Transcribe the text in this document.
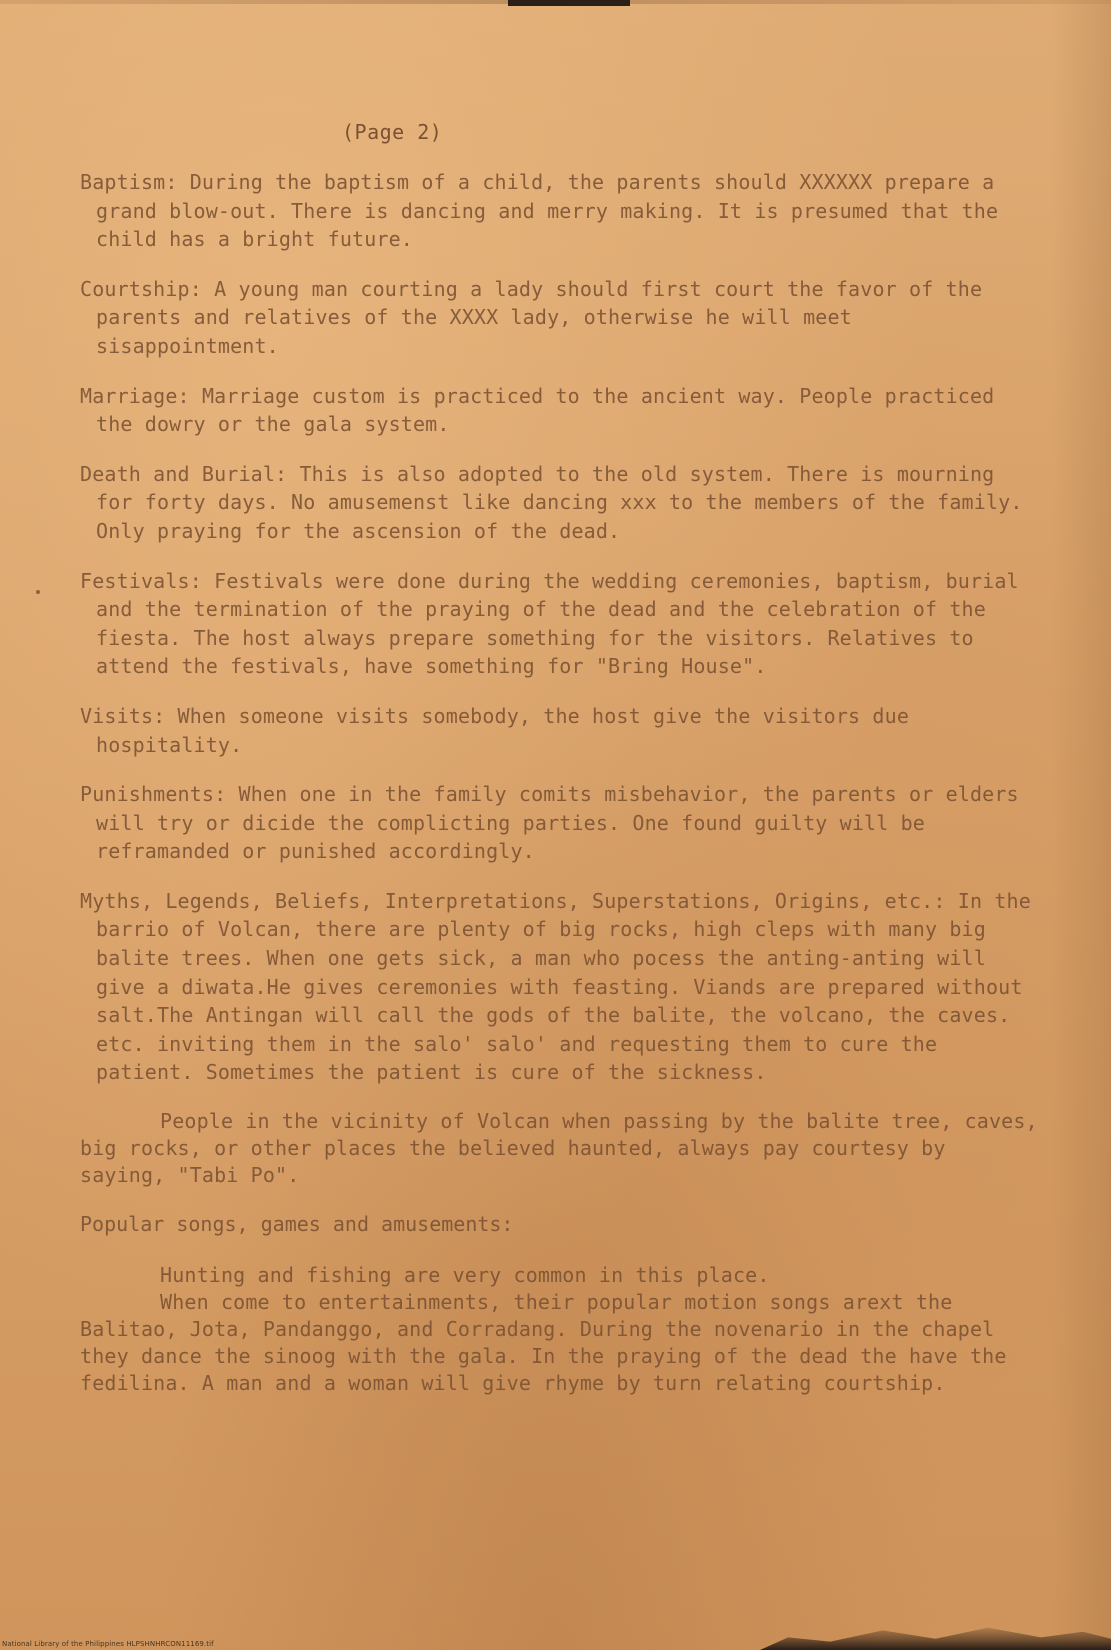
(Page 2)
Baptism: During the baptism of a child, the parents should XXXXXX prepare a grand blow-out. There is dancing and merry making. It is presumed that the child has a bright future.
Courtship: A young man courting a lady should first court the favor of the parents and relatives of the XXXX lady, otherwise he will meet sisappointment.
Marriage: Marriage custom is practiced to the ancient way. People practiced the dowry or the gala system.
Death and Burial: This is also adopted to the old system. There is mourning for forty days. No amusemenst like dancing xxx to the members of the family. Only praying for the ascension of the dead.
Festivals: Festivals were done during the wedding ceremonies, baptism, burial and the termination of the praying of the dead and the celebration of the fiesta. The host always prepare something for the visitors. Relatives to attend the festivals, have something for "Bring House".
Visits: When someone visits somebody, the host give the visitors due hospitality.
Punishments: When one in the family comits misbehavior, the parents or elders will try or dicide the complicting parties. One found guilty will be reframanded or punished accordingly.
Myths, Legends, Beliefs, Interpretations, Superstations, Origins, etc.: In the barrio of Volcan, there are plenty of big rocks, high cleps with many big balite trees. When one gets sick, a man who pocess the anting-anting will give a diwata.He gives ceremonies with feasting. Viands are prepared without salt.The Antingan will call the gods of the balite, the volcano, the caves. etc. inviting them in the salo' salo' and requesting them to cure the patient. Sometimes the patient is cure of the sickness.
People in the vicinity of Volcan when passing by the balite tree, caves, big rocks, or other places the believed haunted, always pay courtesy by saying, "Tabi Po".
Popular songs, games and amusements:
Hunting and fishing are very common in this place.
When come to entertainments, their popular motion songs arext the Balitao, Jota, Pandanggo, and Corradang. During the novenario in the chapel they dance the sinoog with the gala. In the praying of the dead the have the fedilina. A man and a woman will give rhyme by turn relating courtship.
National Library of the Philippines HLPSHNHRCON11169.tif
